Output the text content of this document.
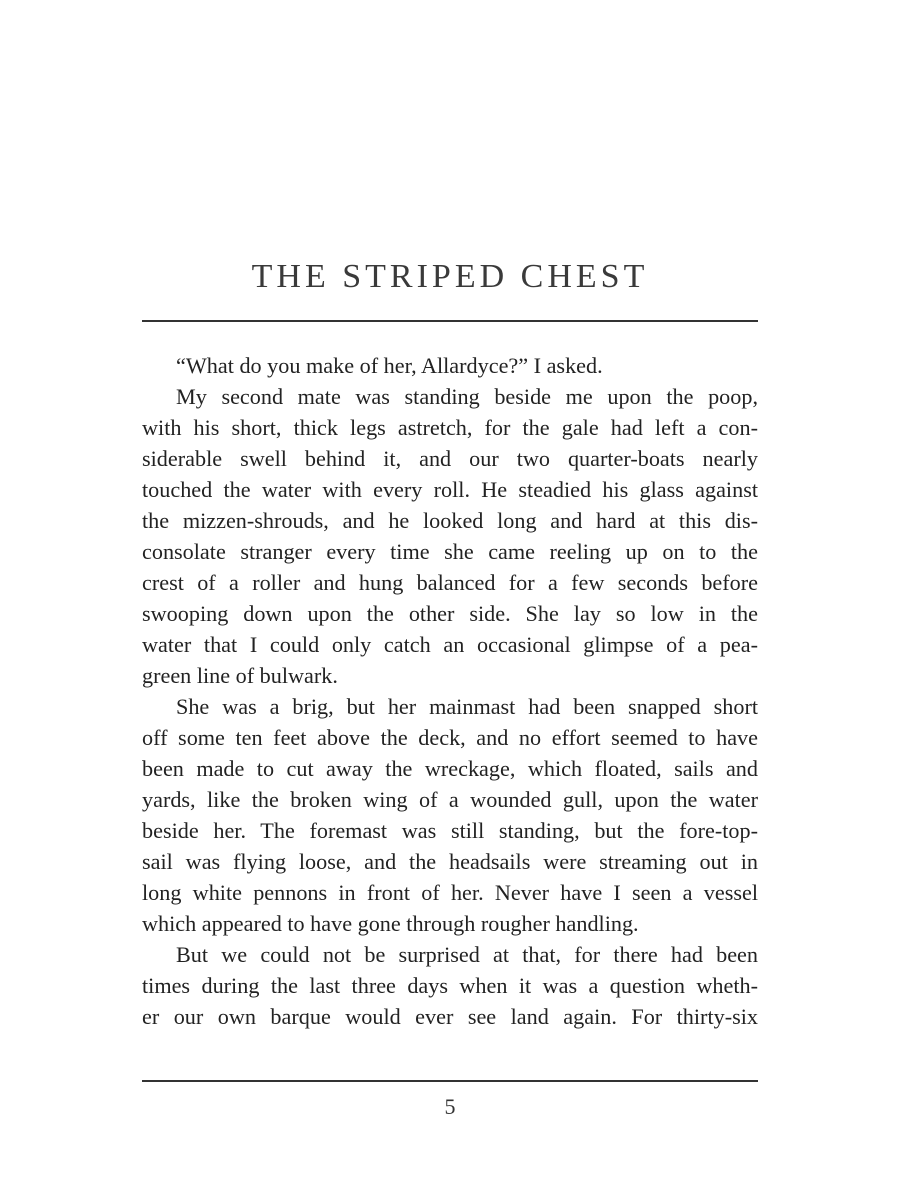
THE STRIPED CHEST
“What do you make of her, Allardyce?” I asked.
My second mate was standing beside me upon the poop,
with his short, thick legs astretch, for the gale had left a con-
siderable swell behind it, and our two quarter-boats nearly
touched the water with every roll. He steadied his glass against
the mizzen-shrouds, and he looked long and hard at this dis-
consolate stranger every time she came reeling up on to the
crest of a roller and hung balanced for a few seconds before
swooping down upon the other side. She lay so low in the
water that I could only catch an occasional glimpse of a pea-
green line of bulwark.
She was a brig, but her mainmast had been snapped short
off some ten feet above the deck, and no effort seemed to have
been made to cut away the wreckage, which floated, sails and
yards, like the broken wing of a wounded gull, upon the water
beside her. The foremast was still standing, but the fore-top-
sail was flying loose, and the headsails were streaming out in
long white pennons in front of her. Never have I seen a vessel
which appeared to have gone through rougher handling.
But we could not be surprised at that, for there had been
times during the last three days when it was a question wheth-
er our own barque would ever see land again. For thirty-six
5
